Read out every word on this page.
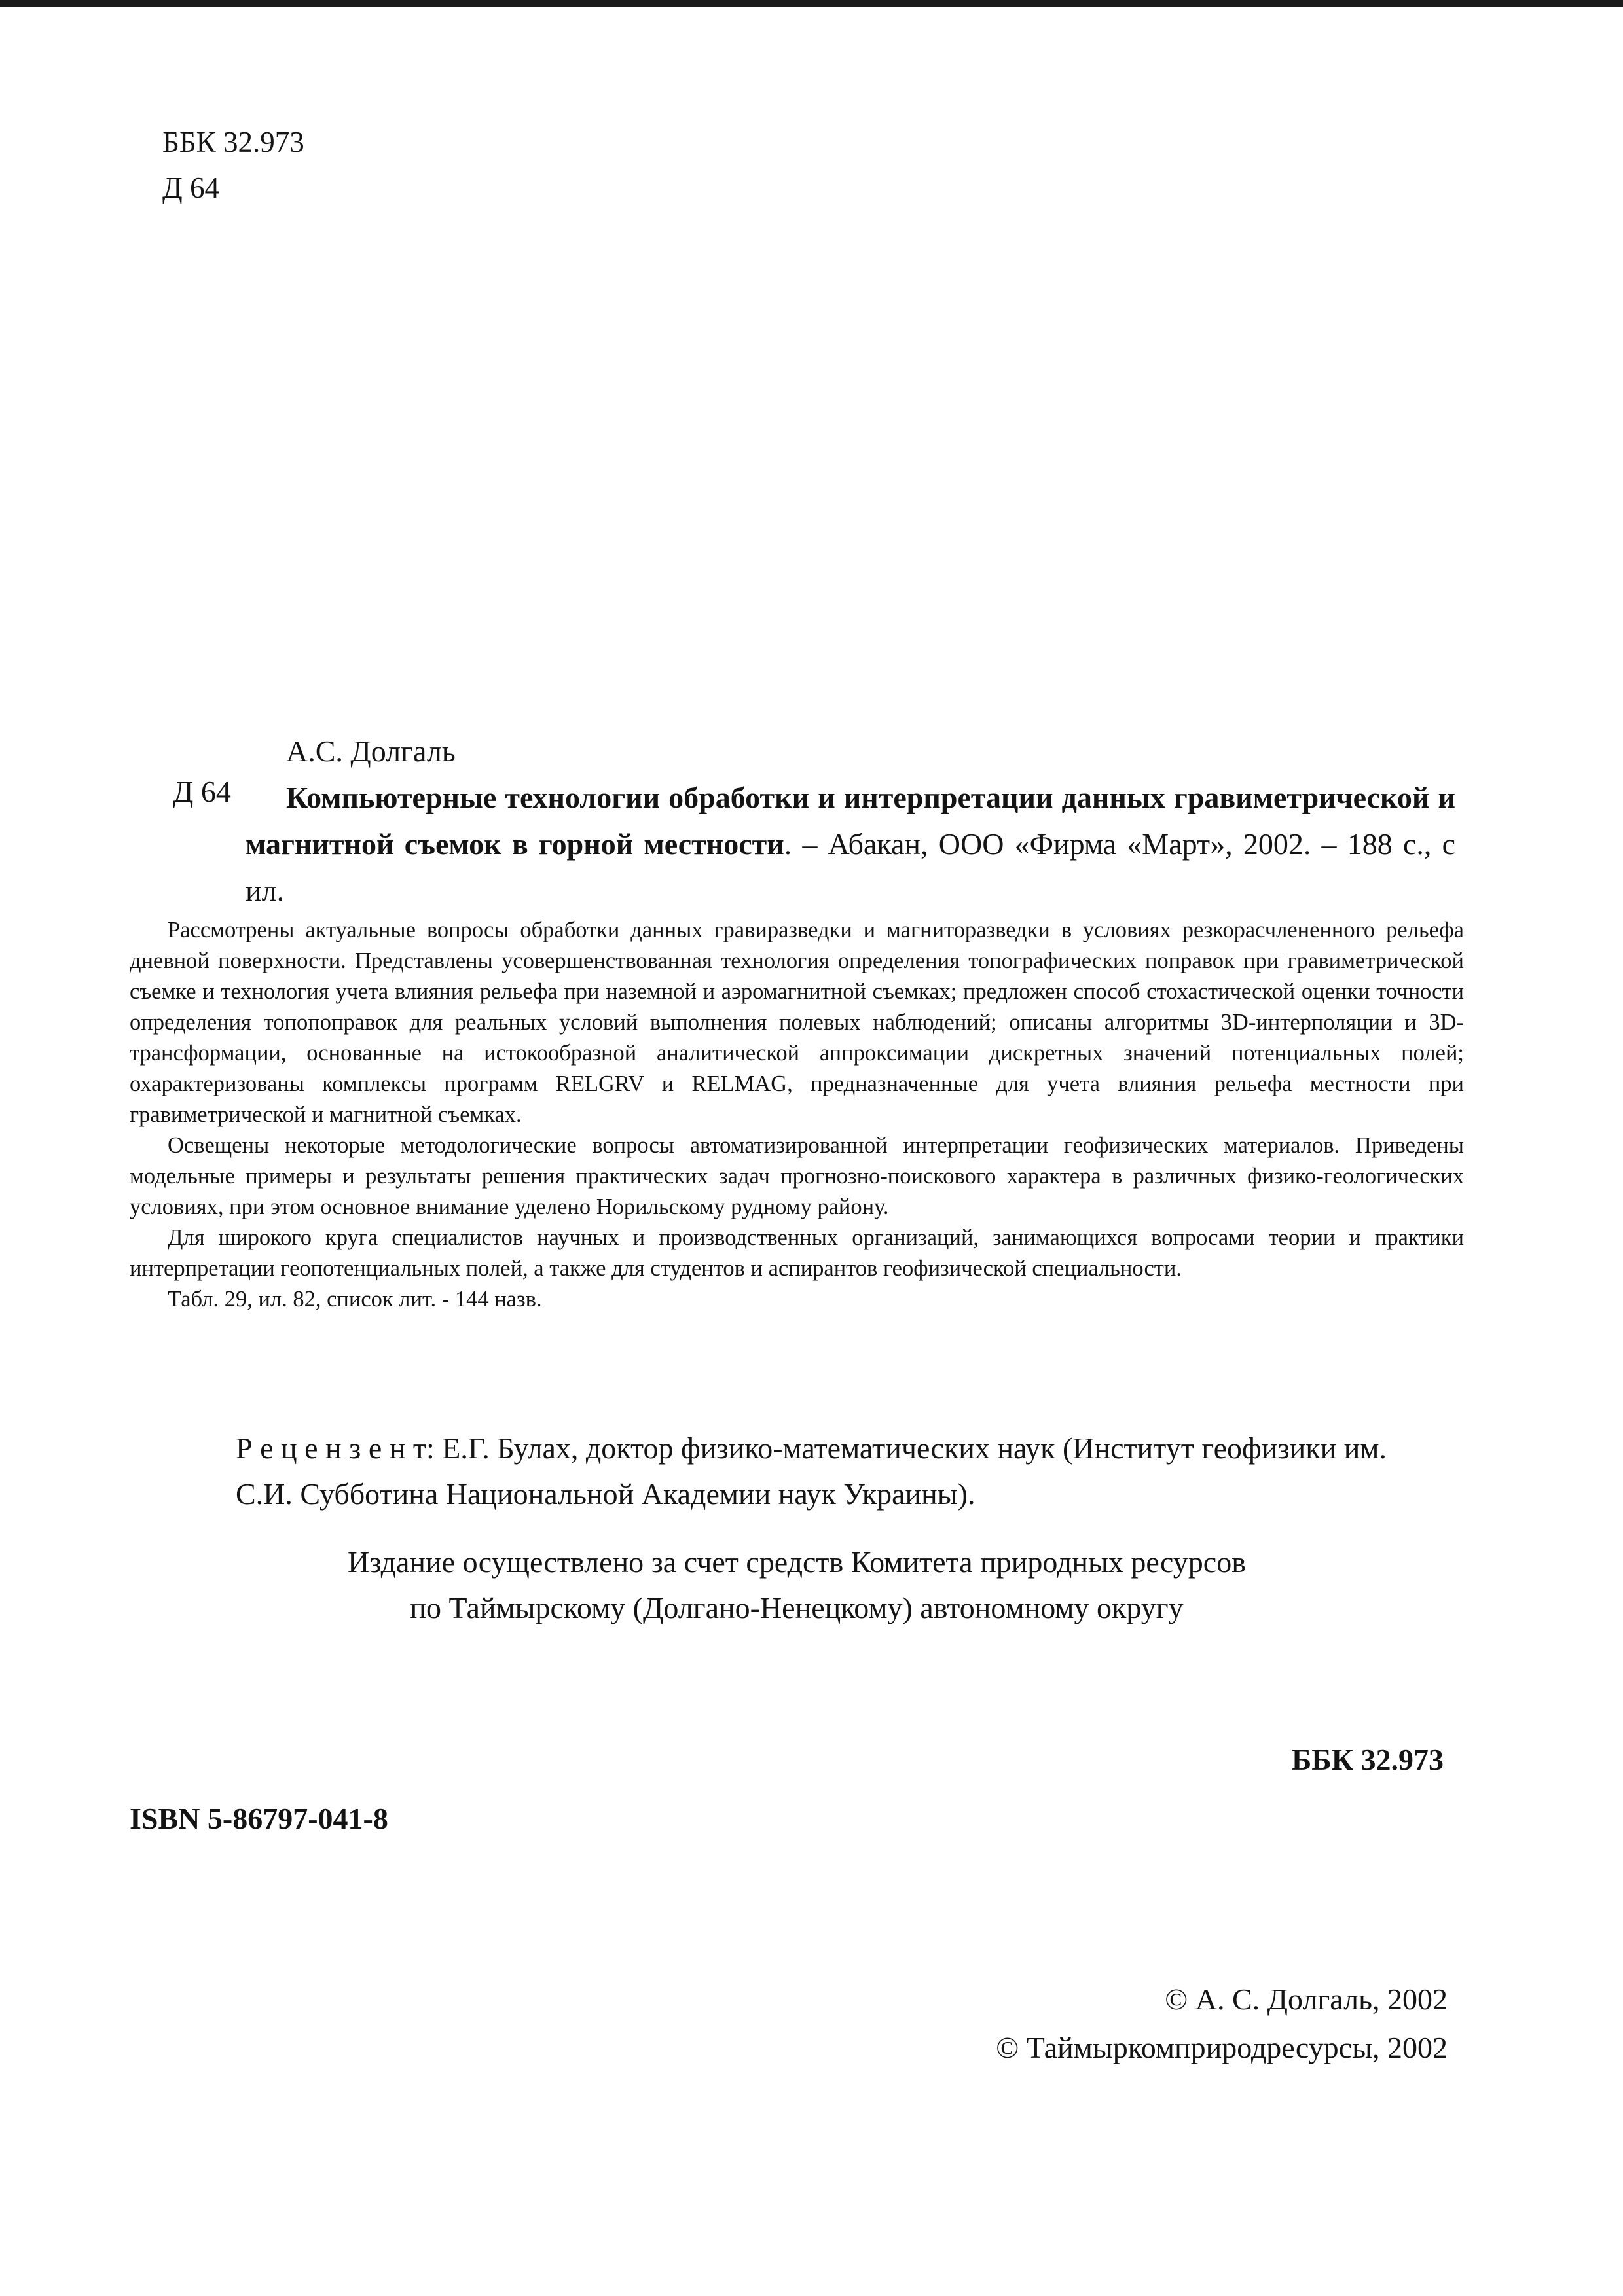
ББК 32.973
Д 64
Д 64
А.С. Долгаль

Компьютерные технологии обработки и интерпретации данных гравиметрической и магнитной съемок в горной местности. – Абакан, ООО «Фирма «Март», 2002. – 188 с., с ил.

Рассмотрены актуальные вопросы обработки данных гравиразведки и магниторазведки в условиях резкорасчлененного рельефа дневной поверхности. Представлены усовершенствованная технология определения топографических поправок при гравиметрической съемке и технология учета влияния рельефа при наземной и аэромагнитной съемках; предложен способ стохастической оценки точности определения топопоправок для реальных условий выполнения полевых наблюдений; описаны алгоритмы 3D-интерполяции и 3D-трансформации, основанные на истокообразной аналитической аппроксимации дискретных значений потенциальных полей; охарактеризованы комплексы программ RELGRV и RELMAG, предназначенные для учета влияния рельефа местности при гравиметрической и магнитной съемках.

Освещены некоторые методологические вопросы автоматизированной интерпретации геофизических материалов. Приведены модельные примеры и результаты решения практических задач прогнозно-поискового характера в различных физико-геологических условиях, при этом основное внимание уделено Норильскому рудному району.

Для широкого круга специалистов научных и производственных организаций, занимающихся вопросами теории и практики интерпретации геопотенциальных полей, а также для студентов и аспирантов геофизической специальности.

Табл. 29, ил. 82, список лит. - 144 назв.

Р е ц е н з е н т: Е.Г. Булах, доктор физико-математических наук (Институт геофизики им. С.И. Субботина Национальной Академии наук Украины).
Издание осуществлено за счет средств Комитета природных ресурсов
по Таймырскому (Долгано-Ненецкому) автономному округу
ББК 32.973
ISBN 5-86797-041-8
© А. С. Долгаль, 2002
© Таймыркомприродресурсы, 2002
